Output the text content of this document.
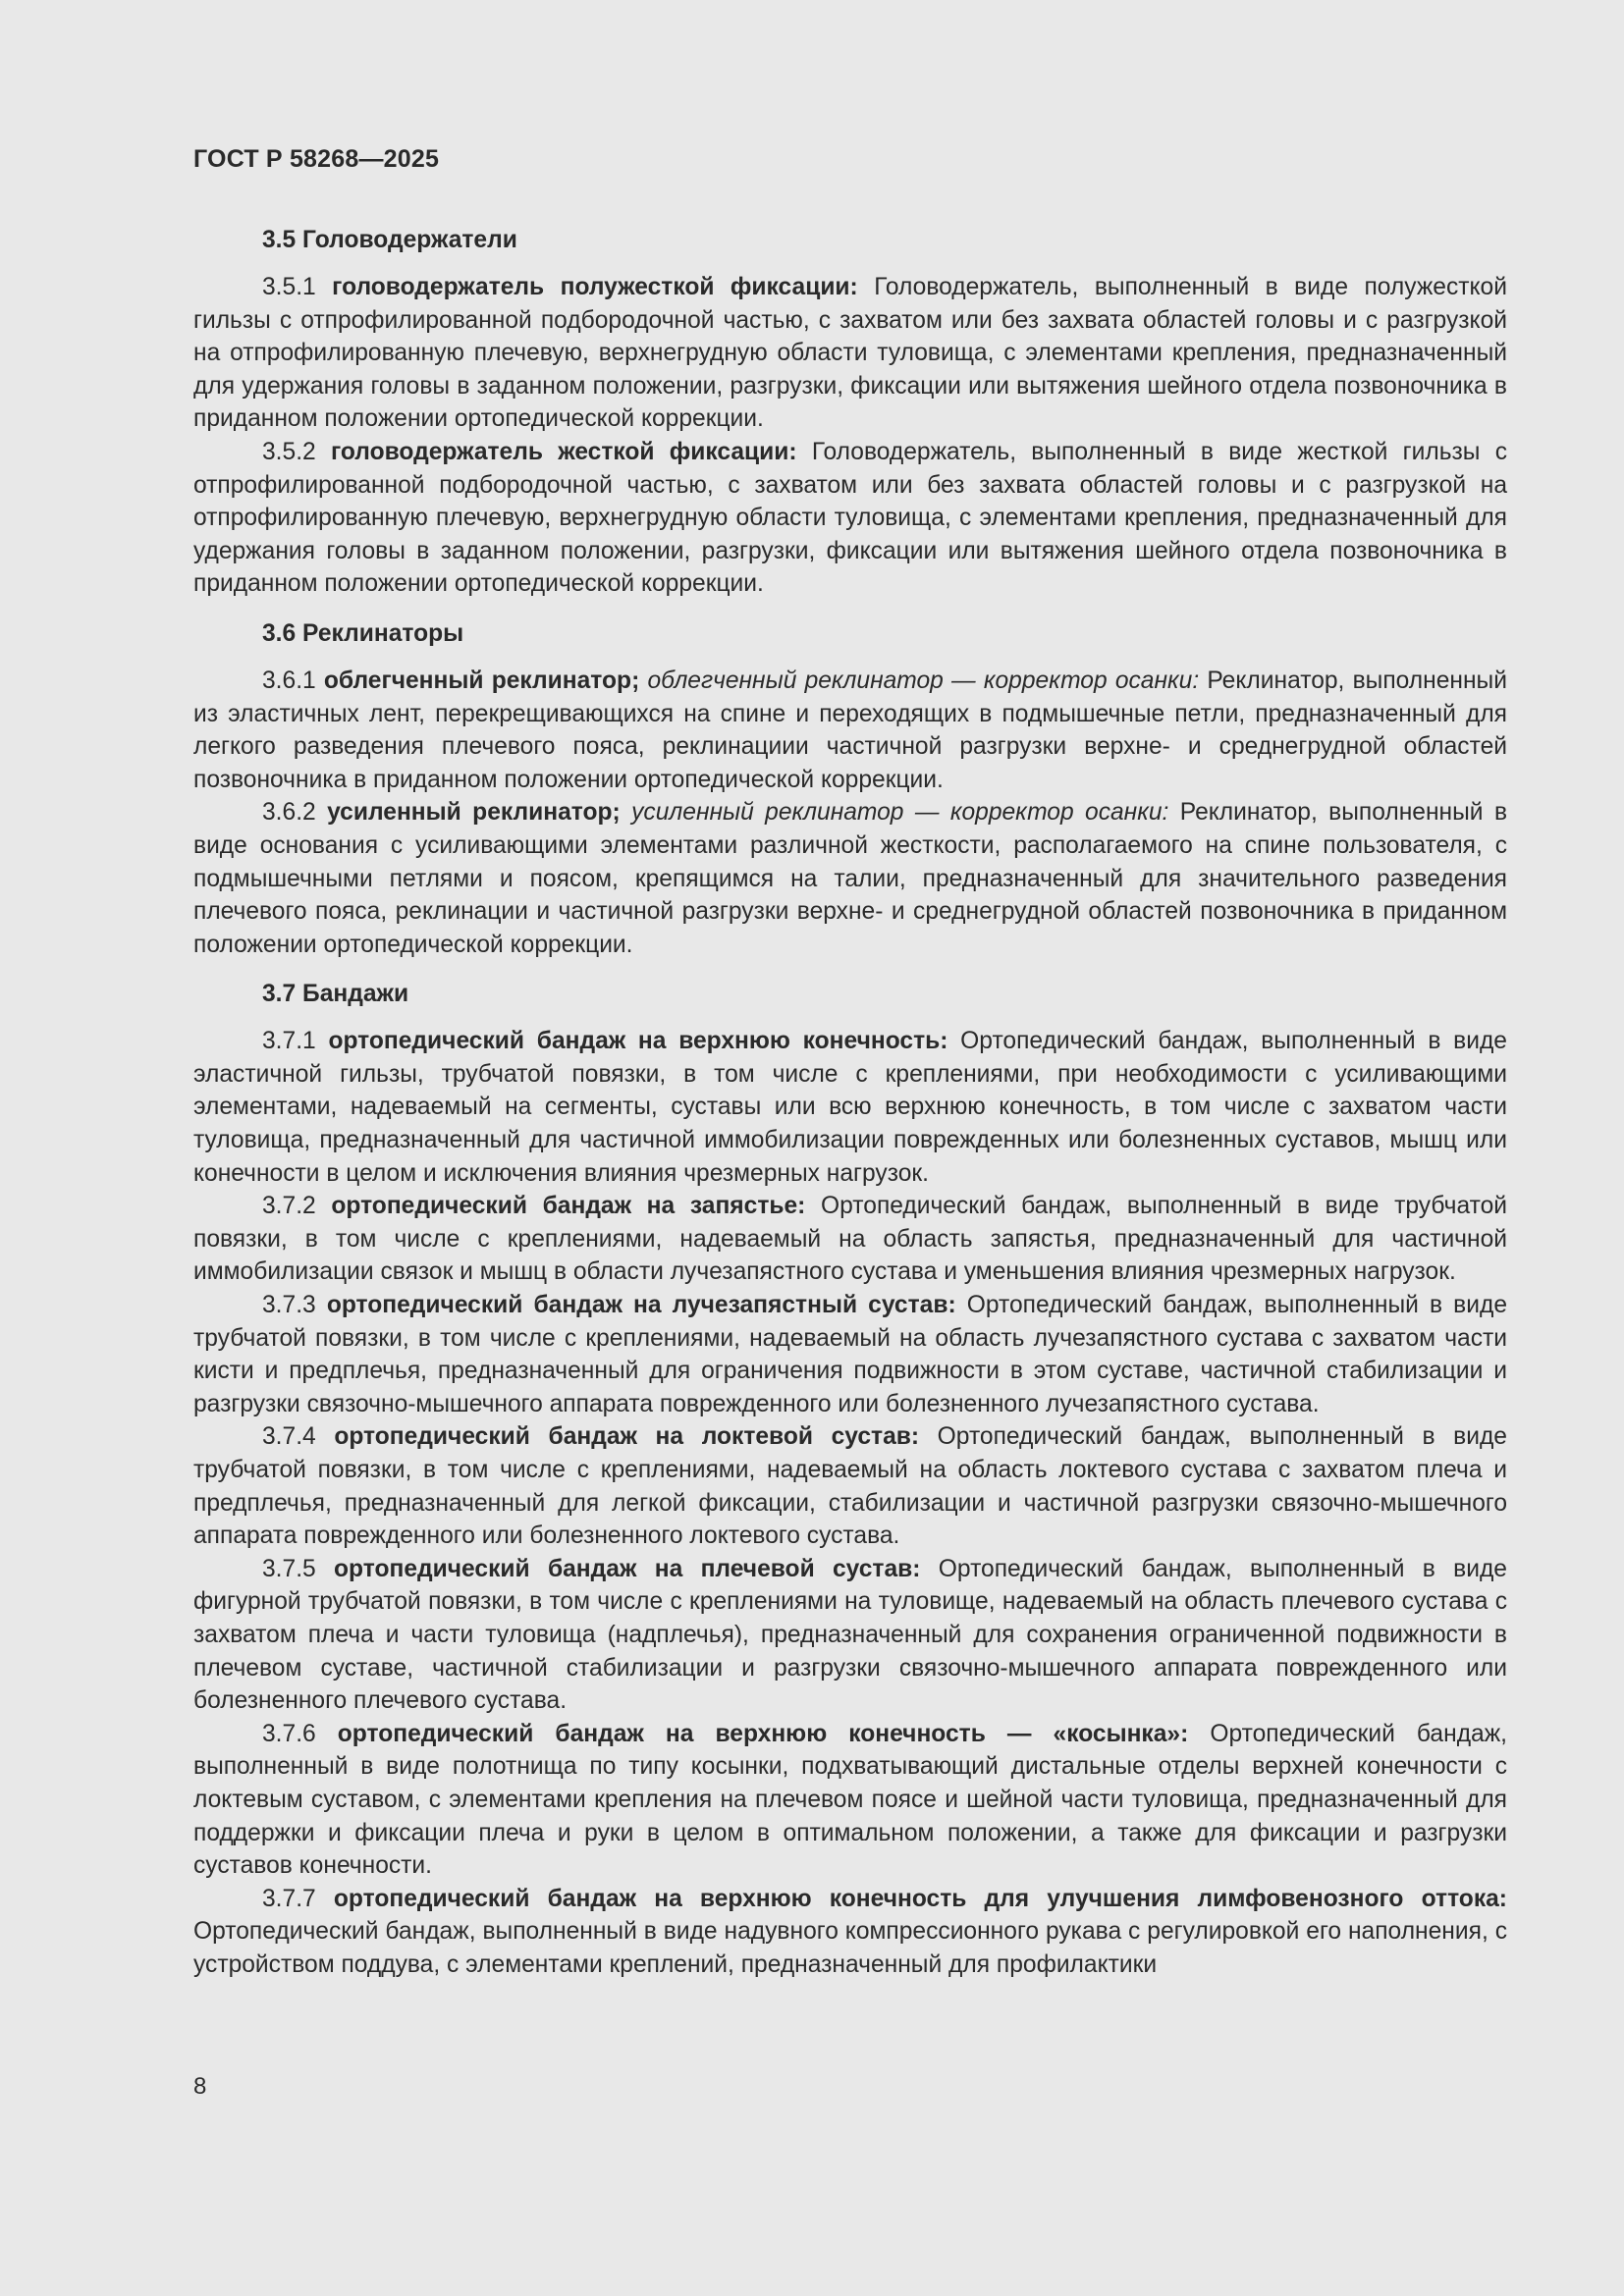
ГОСТ Р 58268—2025
3.5 Головодержатели

3.5.1 головодержатель полужесткой фиксации: Головодержатель, выполненный в виде полужесткой гильзы с отпрофилированной подбородочной частью, с захватом или без захвата областей головы и с разгрузкой на отпрофилированную плечевую, верхнегрудную области туловища, с элементами крепления, предназначенный для удержания головы в заданном положении, разгрузки, фиксации или вытяжения шейного отдела позвоночника в приданном положении ортопедической коррекции.

3.5.2 головодержатель жесткой фиксации: Головодержатель, выполненный в виде жесткой гильзы с отпрофилированной подбородочной частью, с захватом или без захвата областей головы и с разгрузкой на отпрофилированную плечевую, верхнегрудную области туловища, с элементами крепления, предназначенный для удержания головы в заданном положении, разгрузки, фиксации или вытяжения шейного отдела позвоночника в приданном положении ортопедической коррекции.

3.6 Реклинаторы

3.6.1 облегченный реклинатор; облегченный реклинатор — корректор осанки: Реклинатор, выполненный из эластичных лент, перекрещивающихся на спине и переходящих в подмышечные петли, предназначенный для легкого разведения плечевого пояса, реклинациии частичной разгрузки верхне- и среднегрудной областей позвоночника в приданном положении ортопедической коррекции.

3.6.2 усиленный реклинатор; усиленный реклинатор — корректор осанки: Реклинатор, выполненный в виде основания с усиливающими элементами различной жесткости, располагаемого на спине пользователя, с подмышечными петлями и поясом, крепящимся на талии, предназначенный для значительного разведения плечевого пояса, реклинации и частичной разгрузки верхне- и среднегрудной областей позвоночника в приданном положении ортопедической коррекции.

3.7 Бандажи

3.7.1 ортопедический бандаж на верхнюю конечность: Ортопедический бандаж, выполненный в виде эластичной гильзы, трубчатой повязки, в том числе с креплениями, при необходимости с усиливающими элементами, надеваемый на сегменты, суставы или всю верхнюю конечность, в том числе с захватом части туловища, предназначенный для частичной иммобилизации поврежденных или болезненных суставов, мышц или конечности в целом и исключения влияния чрезмерных нагрузок.

3.7.2 ортопедический бандаж на запястье: Ортопедический бандаж, выполненный в виде трубчатой повязки, в том числе с креплениями, надеваемый на область запястья, предназначенный для частичной иммобилизации связок и мышц в области лучезапястного сустава и уменьшения влияния чрезмерных нагрузок.

3.7.3 ортопедический бандаж на лучезапястный сустав: Ортопедический бандаж, выполненный в виде трубчатой повязки, в том числе с креплениями, надеваемый на область лучезапястного сустава с захватом части кисти и предплечья, предназначенный для ограничения подвижности в этом суставе, частичной стабилизации и разгрузки связочно-мышечного аппарата поврежденного или болезненного лучезапястного сустава.

3.7.4 ортопедический бандаж на локтевой сустав: Ортопедический бандаж, выполненный в виде трубчатой повязки, в том числе с креплениями, надеваемый на область локтевого сустава с захватом плеча и предплечья, предназначенный для легкой фиксации, стабилизации и частичной разгрузки связочно-мышечного аппарата поврежденного или болезненного локтевого сустава.

3.7.5 ортопедический бандаж на плечевой сустав: Ортопедический бандаж, выполненный в виде фигурной трубчатой повязки, в том числе с креплениями на туловище, надеваемый на область плечевого сустава с захватом плеча и части туловища (надплечья), предназначенный для сохранения ограниченной подвижности в плечевом суставе, частичной стабилизации и разгрузки связочно-мышечного аппарата поврежденного или болезненного плечевого сустава.

3.7.6 ортопедический бандаж на верхнюю конечность — «косынка»: Ортопедический бандаж, выполненный в виде полотнища по типу косынки, подхватывающий дистальные отделы верхней конечности с локтевым суставом, с элементами крепления на плечевом поясе и шейной части туловища, предназначенный для поддержки и фиксации плеча и руки в целом в оптимальном положении, а также для фиксации и разгрузки суставов конечности.

3.7.7 ортопедический бандаж на верхнюю конечность для улучшения лимфовенозного оттока: Ортопедический бандаж, выполненный в виде надувного компрессионного рукава с регулировкой его наполнения, с устройством поддува, с элементами креплений, предназначенный для профилактики

8
